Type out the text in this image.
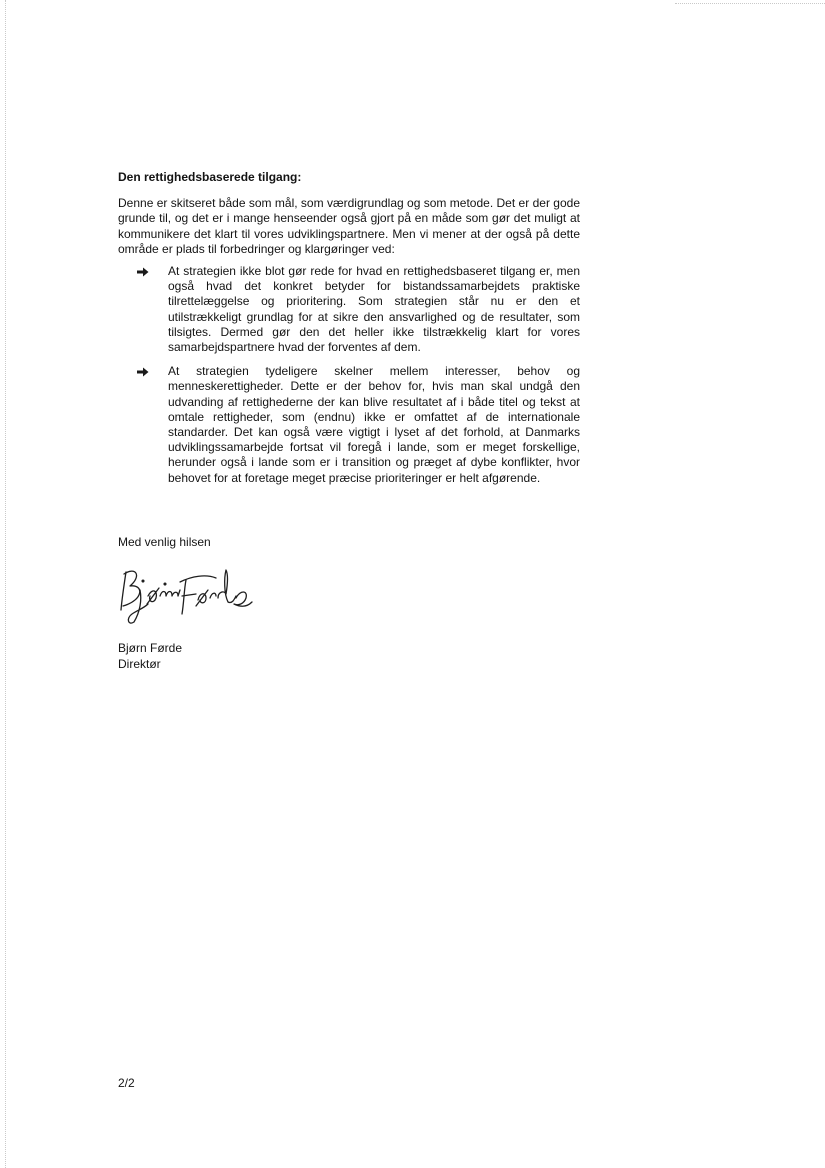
Den rettighedsbaserede tilgang:

Denne er skitseret både som mål, som værdigrundlag og som metode. Det er der gode grunde til, og det er i mange henseender også gjort på en måde som gør det muligt at kommunikere det klart til vores udviklingspartnere. Men vi mener at der også på dette område er plads til forbedringer og klargøringer ved:

At strategien ikke blot gør rede for hvad en rettighedsbaseret tilgang er, men også hvad det konkret betyder for bistandssamarbejdets praktiske tilrettelæggelse og prioritering. Som strategien står nu er den et utilstrækkeligt grundlag for at sikre den ansvarlighed og de resultater, som tilsigtes. Dermed gør den det heller ikke tilstrækkelig klart for vores samarbejdspartnere hvad der forventes af dem.
At strategien tydeligere skelner mellem interesser, behov og menneskerettigheder. Dette er der behov for, hvis man skal undgå den udvanding af rettighederne der kan blive resultatet af i både titel og tekst at omtale rettigheder, som (endnu) ikke er omfattet af de internationale standarder. Det kan også være vigtigt i lyset af det forhold, at Danmarks udviklingssamarbejde fortsat vil foregå i lande, som er meget forskellige, herunder også i lande som er i transition og præget af dybe konflikter, hvor behovet for at foretage meget præcise prioriteringer er helt afgørende.
Med venlig hilsen
Bjørn Førde
Direktør
2/2
